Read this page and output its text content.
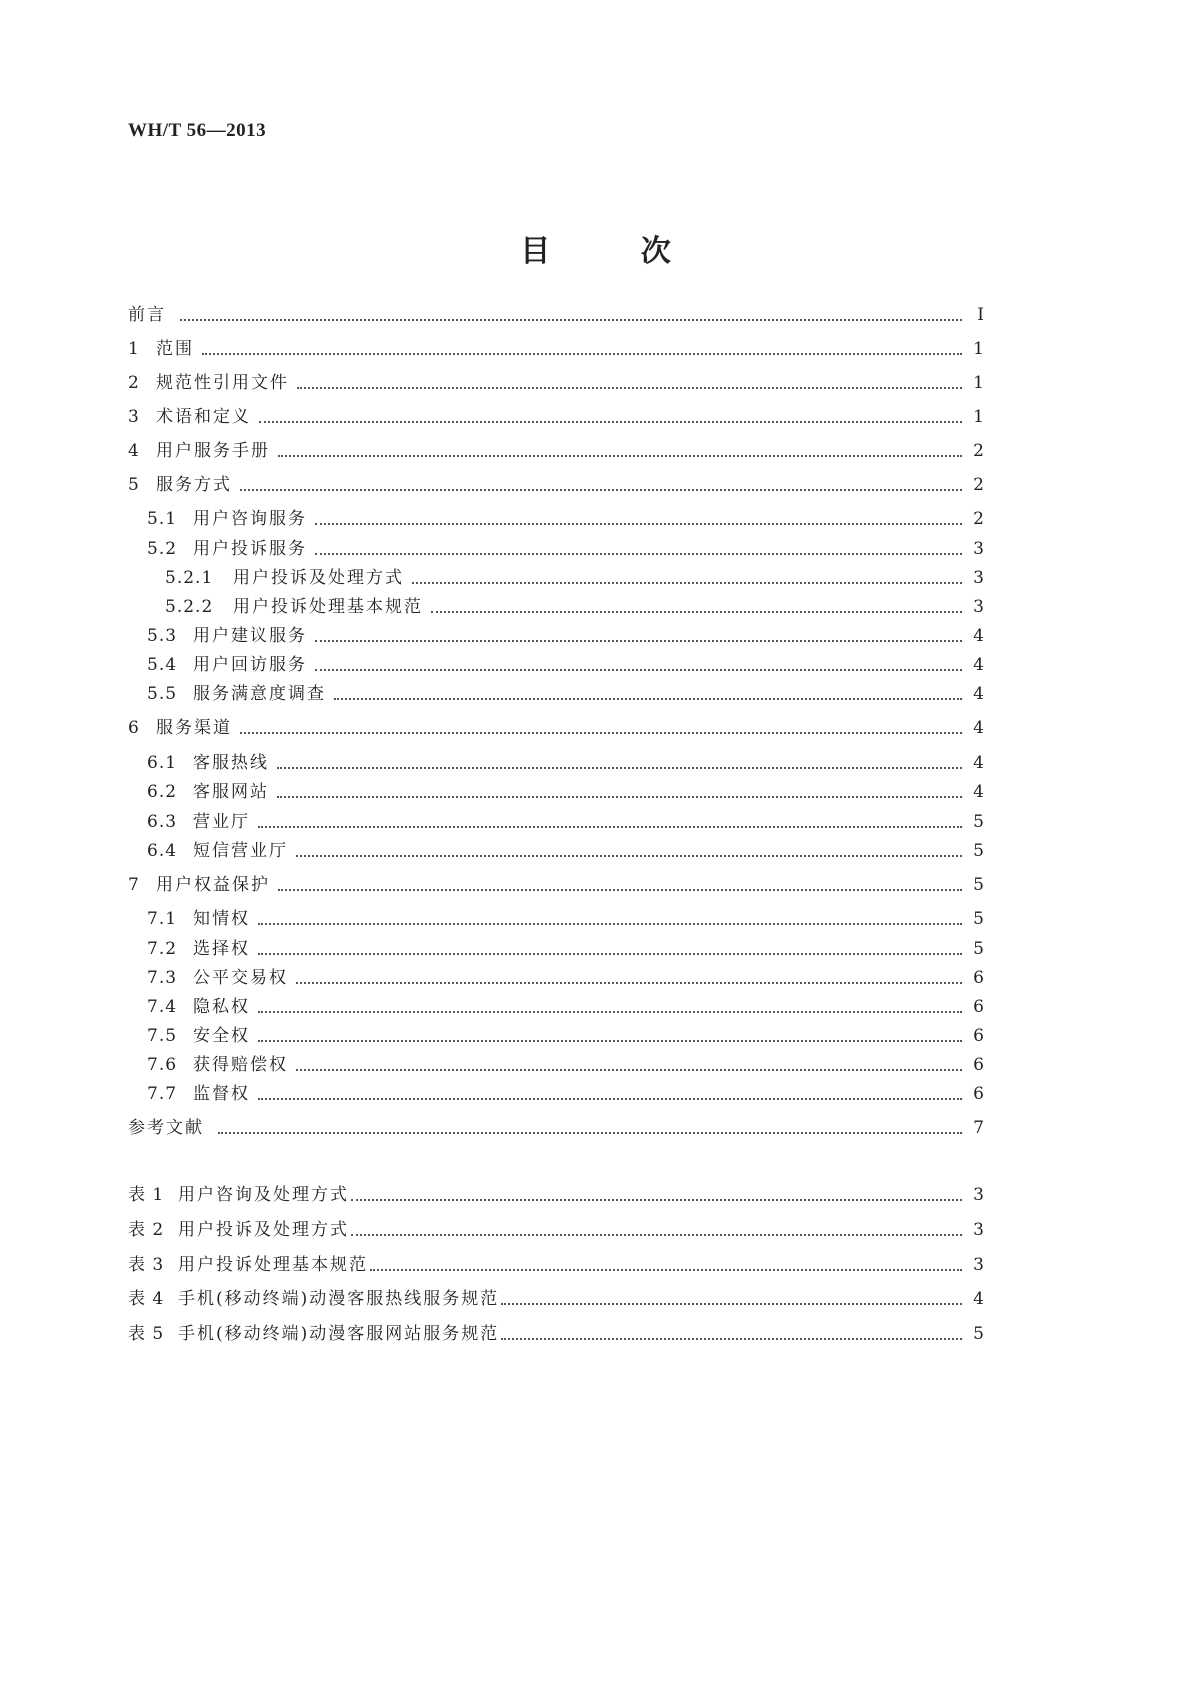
WH/T 56—2013
目 次
前言	Ⅰ
1 范围	1
2 规范性引用文件	1
3 术语和定义	1
4 用户服务手册	2
5 服务方式	2
5.1 用户咨询服务	2
5.2 用户投诉服务	3
5.2.1	用户投诉及处理方式	3
5.2.2	用户投诉处理基本规范	3
5.3 用户建议服务	4
5.4 用户回访服务	4
5.5 服务满意度调查	4
6 服务渠道	4
6.1 客服热线	4
6.2 客服网站	4
6.3 营业厅	5
6.4 短信营业厅	5
7 用户权益保护	5
7.1 知情权	5
7.2 选择权	5
7.3 公平交易权	6
7.4 隐私权	6
7.5 安全权	6
7.6 获得赔偿权	6
7.7 监督权	6
参考文献	7
表 1 用户咨询及处理方式	3
表 2 用户投诉及处理方式	3
表 3 用户投诉处理基本规范	3
表 4 手机(移动终端)动漫客服热线服务规范	4
表 5 手机(移动终端)动漫客服网站服务规范	5
